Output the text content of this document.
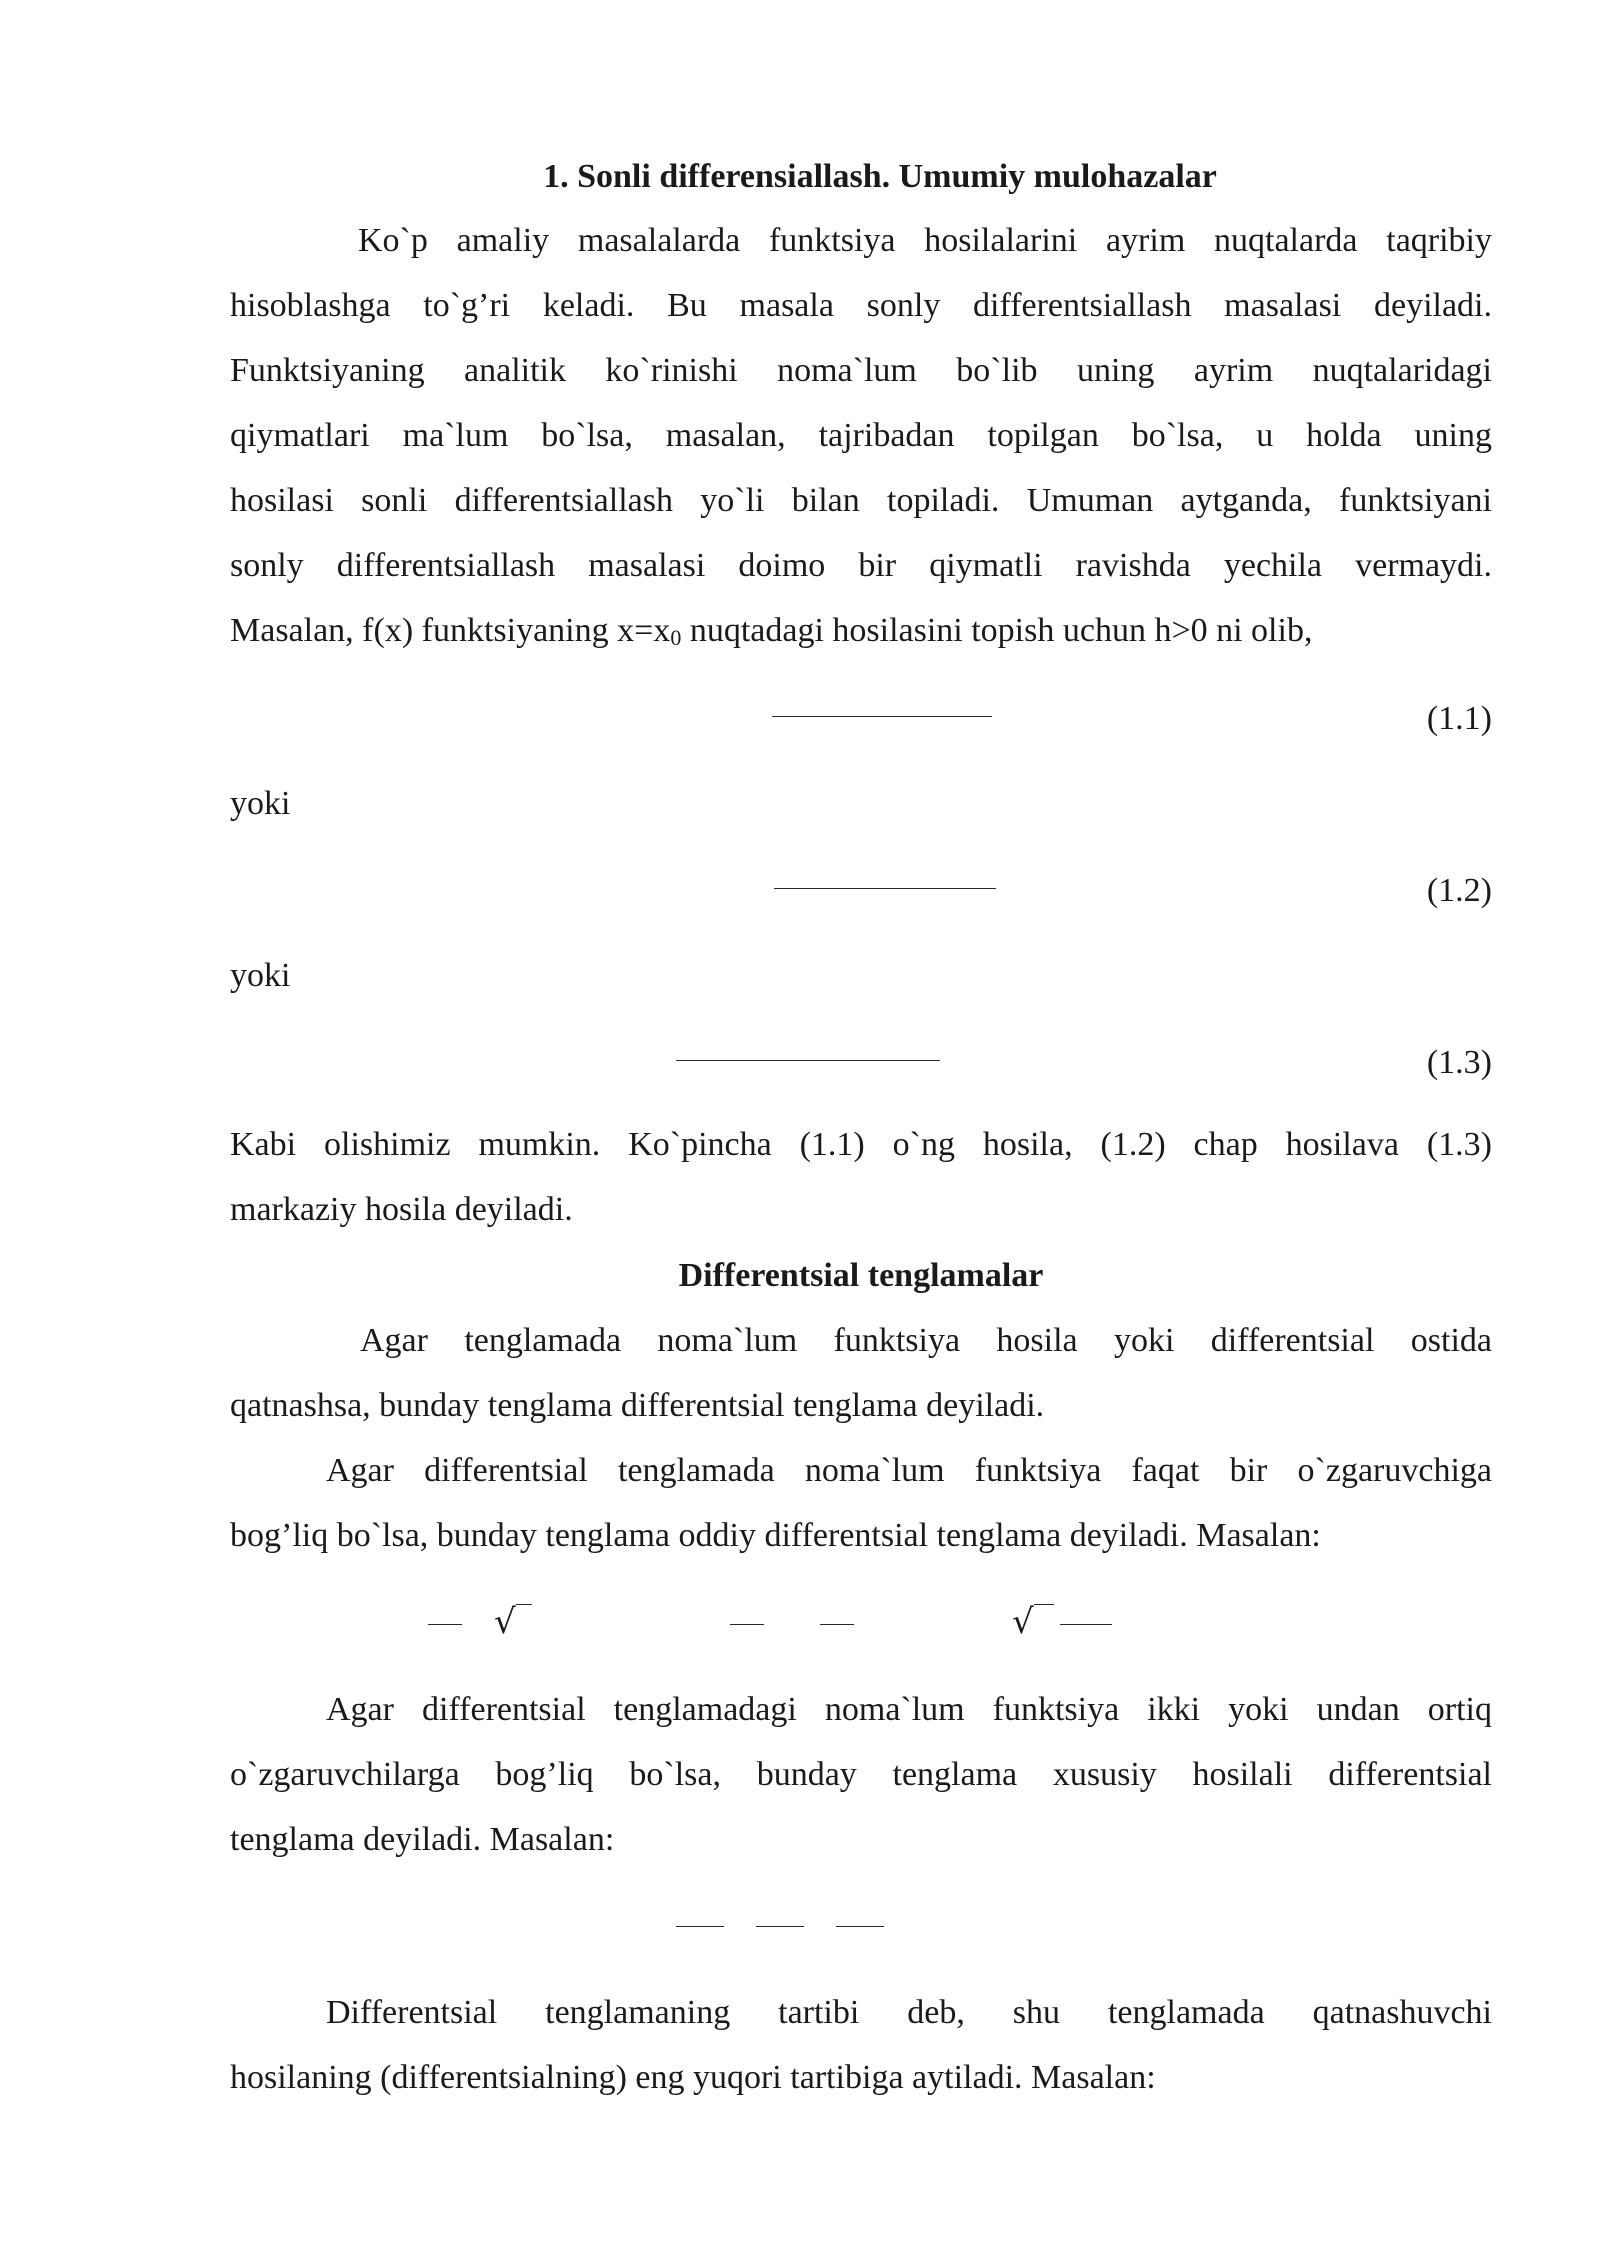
1. Sonli differensiallash. Umumiy mulohazalar
Ko`p amaliy masalalarda funktsiya hosilalarini ayrim nuqtalarda taqribiy
hisoblashga to`g’ri keladi. Bu masala sonly differentsiallash masalasi deyiladi.
Funktsiyaning analitik ko`rinishi noma`lum bo`lib uning ayrim nuqtalaridagi
qiymatlari ma`lum bo`lsa, masalan, tajribadan topilgan bo`lsa, u holda uning
hosilasi sonli differentsiallash yo`li bilan topiladi. Umuman aytganda, funktsiyani
sonly differentsiallash masalasi doimo bir qiymatli ravishda yechila vermaydi.
Masalan, f(x) funktsiyaning $x=x_0$ nuqtadagi hosilasini topish uchun h>0 ni olib,
(1.1)
yoki
(1.2)
yoki
(1.3)
Kabi olishimiz mumkin. Ko`pincha (1.1) o`ng hosila, (1.2) chap hosilava (1.3)
markaziy hosila deyiladi.
Differentsial tenglamalar
Agar tenglamada noma`lum funktsiya hosila yoki differentsial ostida
qatnashsa, bunday tenglama differentsial tenglama deyiladi.
Agar differentsial tenglamada noma`lum funktsiya faqat bir o`zgaruvchiga
bog’liq bo`lsa, bunday tenglama oddiy differentsial tenglama deyiladi. Masalan:
√	√
Agar differentsial tenglamadagi noma`lum funktsiya ikki yoki undan ortiq
o`zgaruvchilarga bog’liq bo`lsa, bunday tenglama xususiy hosilali differentsial
tenglama deyiladi. Masalan:
Differentsial tenglamaning tartibi deb, shu tenglamada qatnashuvchi
hosilaning (differentsialning) eng yuqori tartibiga aytiladi. Masalan:
